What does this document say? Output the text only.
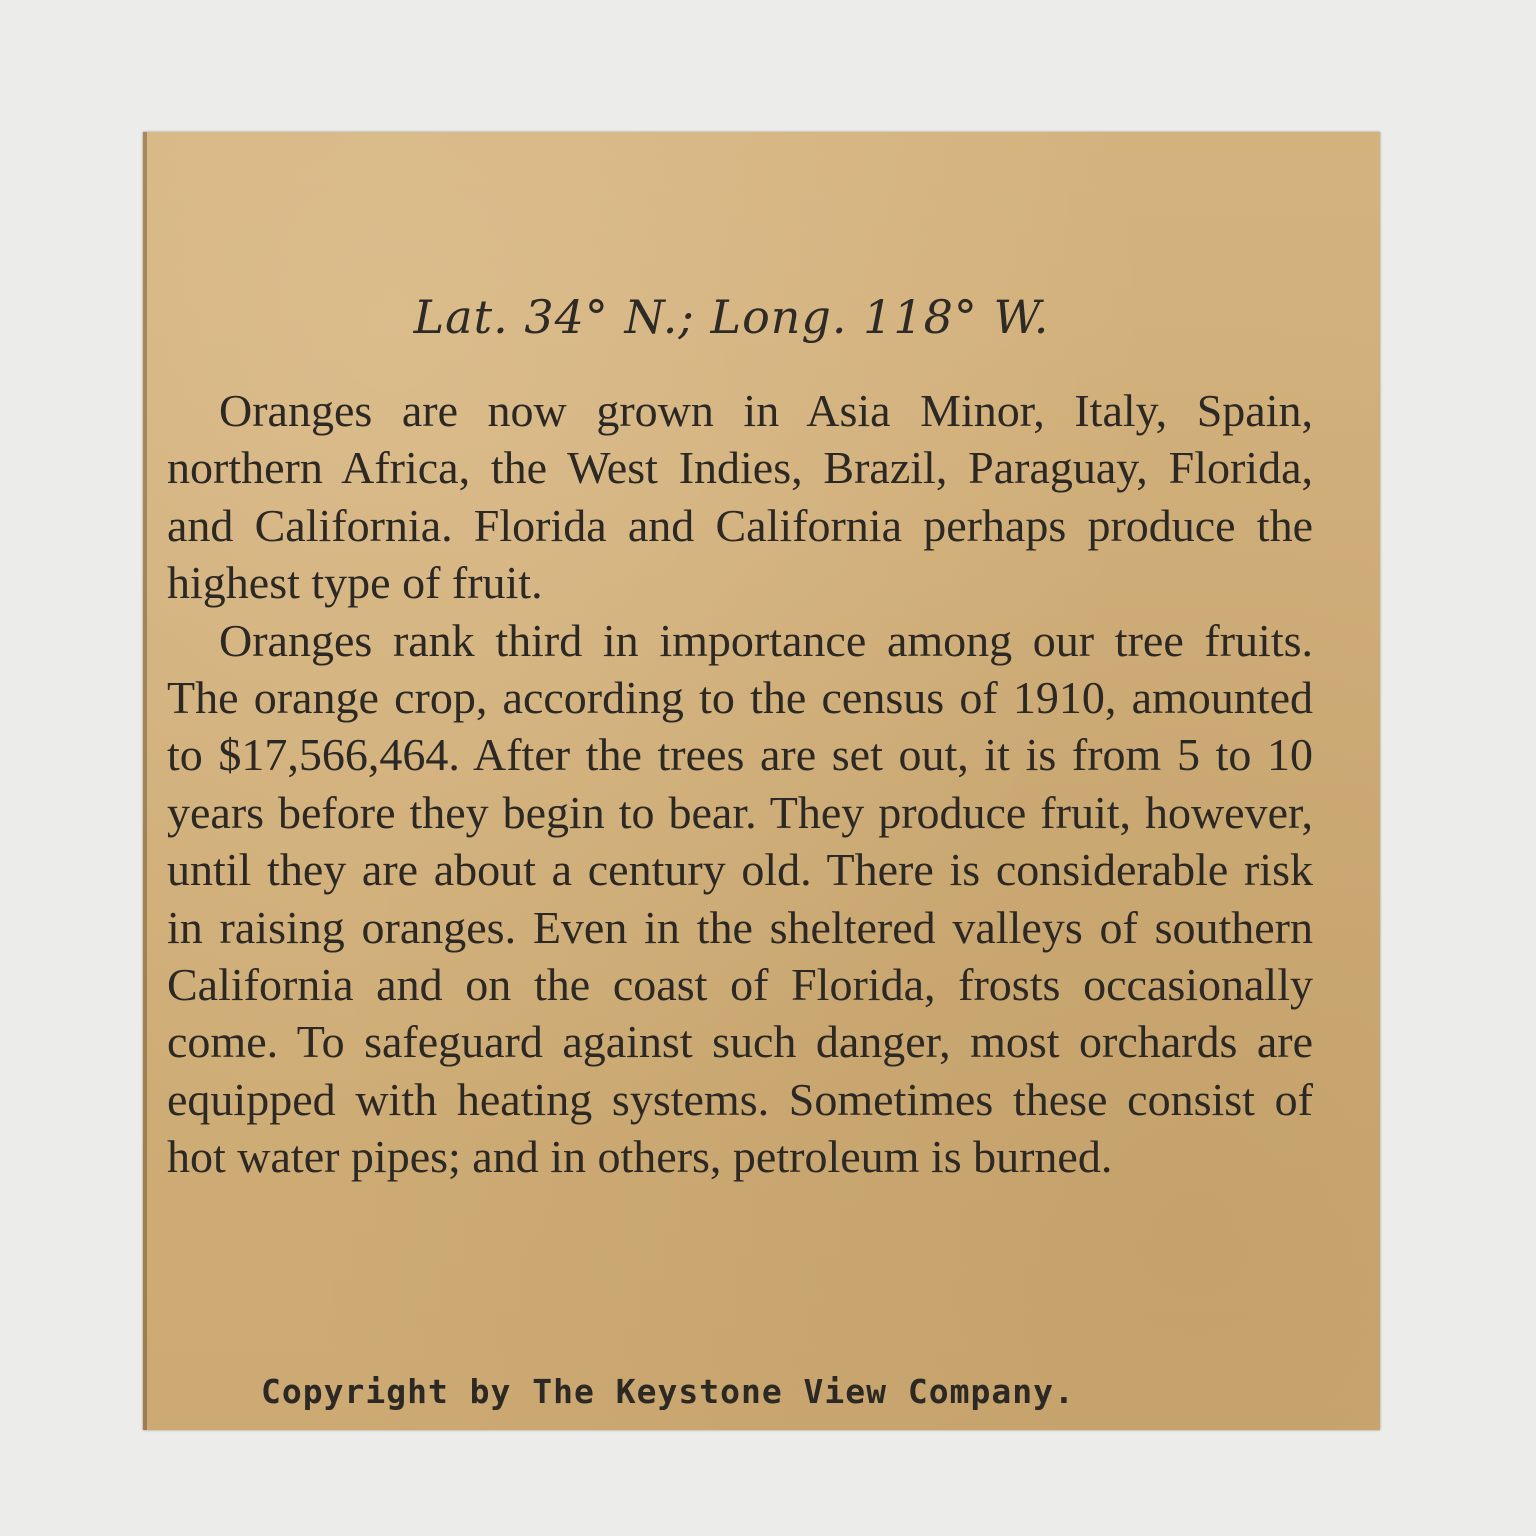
Lat. 34° N.; Long. 118° W.

Oranges are now grown in Asia Minor, Italy, Spain, northern Africa, the West Indies, Brazil, Paraguay, Florida, and California. Florida and California perhaps produce the highest type of fruit.

Oranges rank third in importance among our tree fruits. The orange crop, according to the census of 1910, amounted to $17,566,464. After the trees are set out, it is from 5 to 10 years before they begin to bear. They produce fruit, however, until they are about a century old. There is considerable risk in raising oranges. Even in the sheltered valleys of southern California and on the coast of Florida, frosts occasionally come. To safeguard against such danger, most orchards are equipped with heating systems. Sometimes these consist of hot water pipes; and in others, petroleum is burned.

Copyright by The Keystone View Company.
